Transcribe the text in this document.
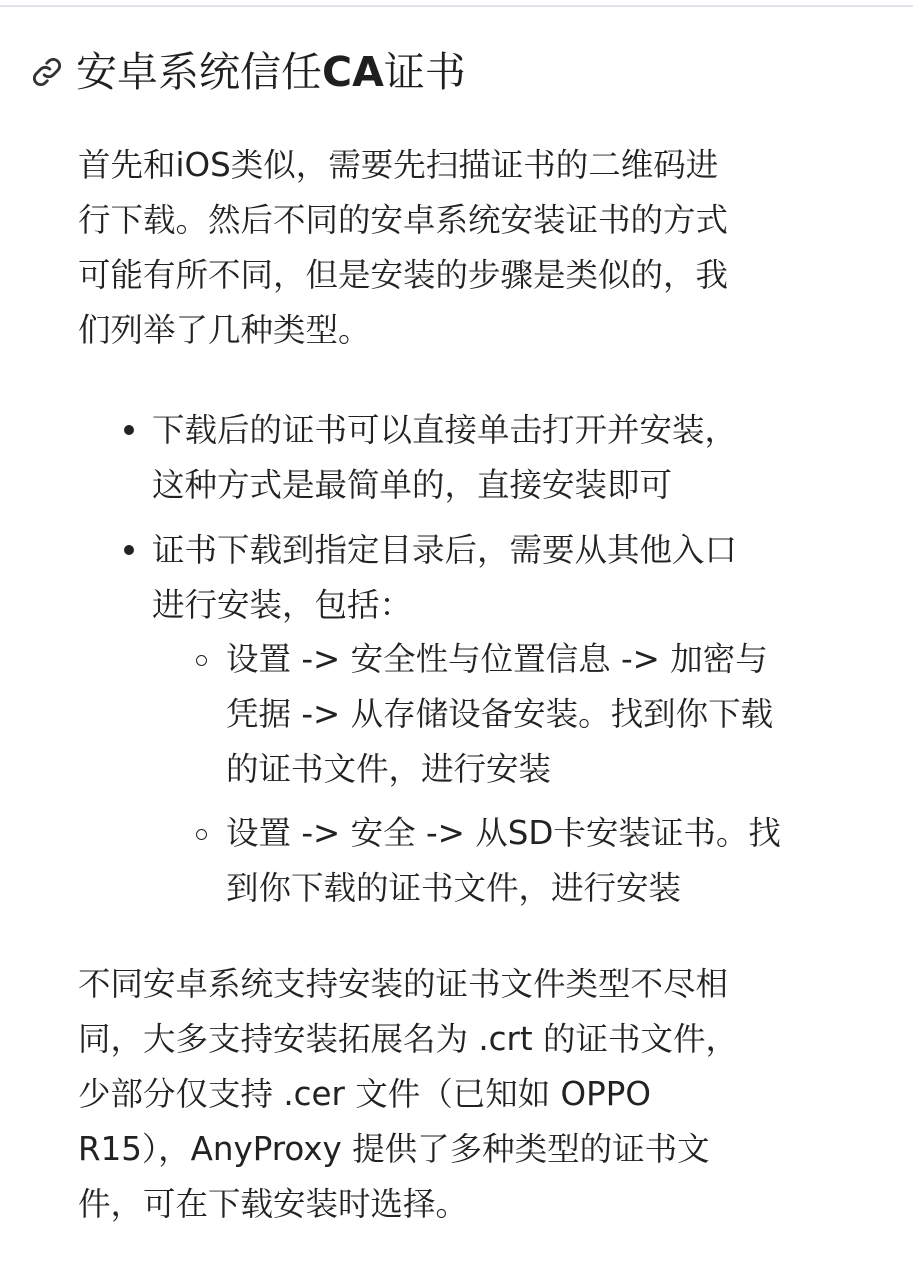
安卓系统信任 CA 证书

首先和iOS类似，需要先扫描证书的二维码进
行下载。然后不同的安卓系统安装证书的方式
可能有所不同，但是安装的步骤是类似的，我
们列举了几种类型。

下载后的证书可以直接单击打开并安装，
这种方式是最简单的，直接安装即可
证书下载到指定目录后，需要从其他入口
进行安装，包括：
设置 -> 安全性与位置信息 -> 加密与
凭据 -> 从存储设备安装。找到你下载
的证书文件，进行安装
设置 -> 安全 -> 从SD卡安装证书。找
到你下载的证书文件，进行安装

不同安卓系统支持安装的证书文件类型不尽相
同，大多支持安装拓展名为 .crt 的证书文件，
少部分仅支持 .cer 文件（已知如 OPPO
R15），AnyProxy 提供了多种类型的证书文
件，可在下载安装时选择。
